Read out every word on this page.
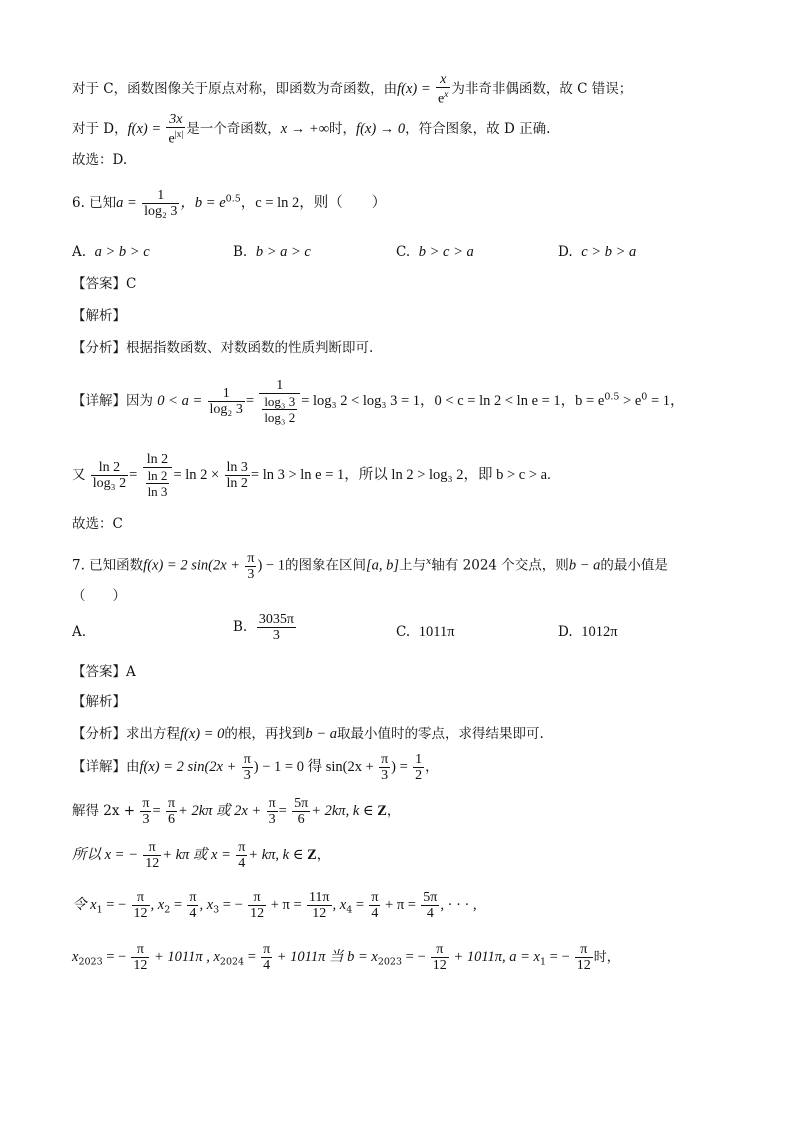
对于 C，函数图像关于原点对称，即函数为奇函数，由$f(x) = \frac{x}{e^x}$ 为非奇非偶函数，故 C 错误；
对于 D，$f(x) = \frac{3x}{e^{|x|}}$ 是一个奇函数，x → +∞时，f(x) → 0，符合图象，故 D 正确.
故选：D.
6. 已知$a = \frac{1}{\text{log₂ 3}}$ ，$b = e^{0.5}$，c = ln 2，则（　　）
A. a > b > c	B. b > a > c	C. b > c > a	D. c > b > a
【答案】C
【解析】
【分析】根据指数函数、对数函数的性质判断即可.
【详解】因为 $0 < a = \frac{1}{\text{log₂ 3}} = \frac{1}{\frac{\text{log₃ 3}}{\text{log₃ 2}}} = \log_3$ 2 < log₃ 3 = 1，0 < c = ln 2 < ln e = 1，$b = e^{0.5} > e^0 = 1$，
又 $\frac{\ln 2}{\text{log₃ 2}} = \frac{\ln 2}{\frac{\ln 2}{\ln 3}} = \ln 2 \times \frac{\ln 3}{\ln 2} = \ln 3 > \ln e = 1$，所以 ln 2 > log₃ 2，即 b > c > a.
故选：C
7. 已知函数f(x) = 2 $\sin(2x + \frac{\pi}{3}$ ) − 1的图象在区间[a, b]上与$^x$轴有 2024 个交点，则b − a的最小值是
（　　）
A.	B. $\frac{3035\pi}{3}$	C. 1011π	D. 1012π
【答案】A
【解析】
【分析】求出方程f(x) = 0的根，再找到b − a取最小值时的零点，求得结果即可.
【详解】由f(x) = 2 $\sin(2x + \frac{\pi}{3}$ ) − 1 = 0 得 $\sin(2x + \frac{\pi}{3}$ ) = $\frac{1}{2}$ ，
解得 $2x + \frac{\pi}{3} = \frac{\pi}{6} + 2k\pi$ 或 $2x + \frac{\pi}{3} = \frac{5\pi}{6} + 2k\pi$, k ∈ Z，
所以 x = − $\frac{\pi}{12} + k\pi$ 或 $x = \frac{\pi}{4} + k\pi$, k ∈ Z，
令 $x_1$ = − $\frac{\pi}{12}$ , $x_2 = \frac{\pi}{4}$ , $x_3$ = − $\frac{\pi}{12} + \pi = \frac{11\pi}{12}$ , $x_4 = \frac{\pi}{4} + \pi = \frac{5\pi}{4}$ , · · · ,
$x_{2023}$ = − $\frac{\pi}{12} + 1011\pi$ , $x_{2024} = \frac{\pi}{4} + 1011\pi$ 当 $b = x_{2023}$ = − $\frac{\pi}{12} + 1011\pi$, $a = x_1$ = − $\frac{\pi}{12}$ 时，
